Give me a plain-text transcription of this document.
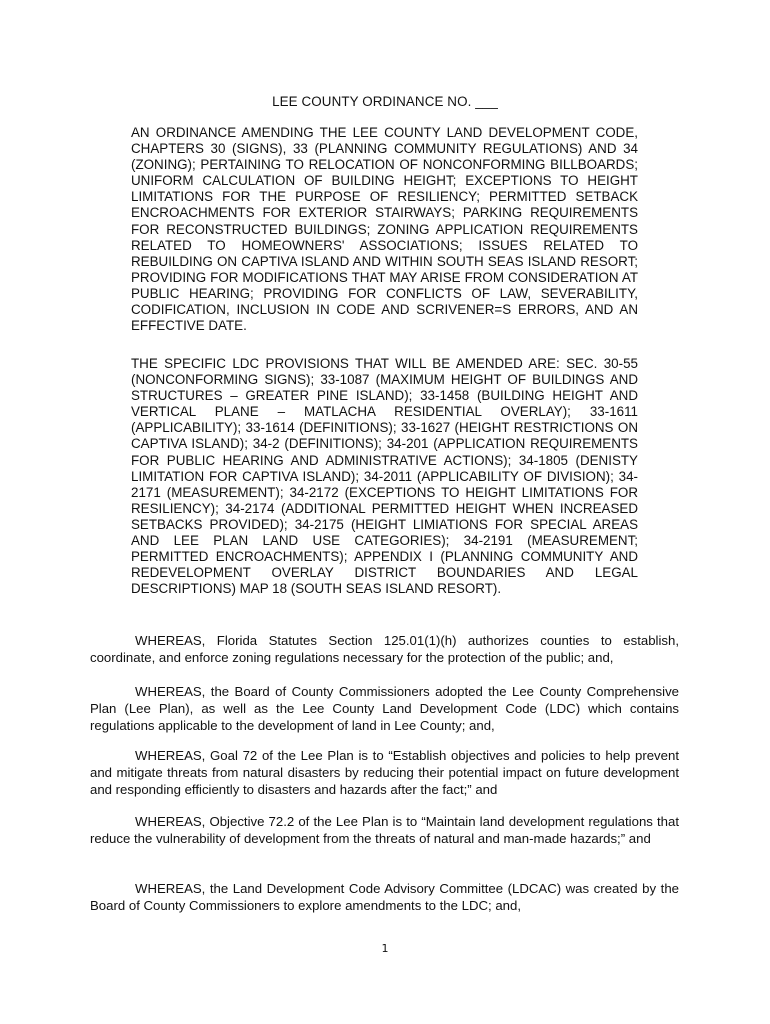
LEE COUNTY ORDINANCE NO. ___
AN ORDINANCE AMENDING THE LEE COUNTY LAND DEVELOPMENT CODE, CHAPTERS 30 (SIGNS), 33 (PLANNING COMMUNITY REGULATIONS) AND 34 (ZONING); PERTAINING TO RELOCATION OF NONCONFORMING BILLBOARDS; UNIFORM CALCULATION OF BUILDING HEIGHT; EXCEPTIONS TO HEIGHT LIMITATIONS FOR THE PURPOSE OF RESILIENCY; PERMITTED SETBACK ENCROACHMENTS FOR EXTERIOR STAIRWAYS; PARKING REQUIREMENTS FOR RECONSTRUCTED BUILDINGS; ZONING APPLICATION REQUIREMENTS RELATED TO HOMEOWNERS' ASSOCIATIONS; ISSUES RELATED TO REBUILDING ON CAPTIVA ISLAND AND WITHIN SOUTH SEAS ISLAND RESORT; PROVIDING FOR MODIFICATIONS THAT MAY ARISE FROM CONSIDERATION AT PUBLIC HEARING; PROVIDING FOR CONFLICTS OF LAW, SEVERABILITY, CODIFICATION, INCLUSION IN CODE AND SCRIVENER=S ERRORS, AND AN EFFECTIVE DATE.
THE SPECIFIC LDC PROVISIONS THAT WILL BE AMENDED ARE: SEC. 30-55 (NONCONFORMING SIGNS); 33-1087 (MAXIMUM HEIGHT OF BUILDINGS AND STRUCTURES – GREATER PINE ISLAND); 33-1458 (BUILDING HEIGHT AND VERTICAL PLANE – MATLACHA RESIDENTIAL OVERLAY); 33-1611 (APPLICABILITY); 33-1614 (DEFINITIONS); 33-1627 (HEIGHT RESTRICTIONS ON CAPTIVA ISLAND); 34-2 (DEFINITIONS); 34-201 (APPLICATION REQUIREMENTS FOR PUBLIC HEARING AND ADMINISTRATIVE ACTIONS); 34-1805 (DENISTY LIMITATION FOR CAPTIVA ISLAND); 34-2011 (APPLICABILITY OF DIVISION); 34-2171 (MEASUREMENT); 34-2172 (EXCEPTIONS TO HEIGHT LIMITATIONS FOR RESILIENCY); 34-2174 (ADDITIONAL PERMITTED HEIGHT WHEN INCREASED SETBACKS PROVIDED); 34-2175 (HEIGHT LIMIATIONS FOR SPECIAL AREAS AND LEE PLAN LAND USE CATEGORIES); 34-2191 (MEASUREMENT; PERMITTED ENCROACHMENTS); APPENDIX I (PLANNING COMMUNITY AND REDEVELOPMENT OVERLAY DISTRICT BOUNDARIES AND LEGAL DESCRIPTIONS) MAP 18 (SOUTH SEAS ISLAND RESORT).
WHEREAS, Florida Statutes Section 125.01(1)(h) authorizes counties to establish, coordinate, and enforce zoning regulations necessary for the protection of the public; and,
WHEREAS, the Board of County Commissioners adopted the Lee County Comprehensive Plan (Lee Plan), as well as the Lee County Land Development Code (LDC) which contains regulations applicable to the development of land in Lee County; and,
WHEREAS, Goal 72 of the Lee Plan is to “Establish objectives and policies to help prevent and mitigate threats from natural disasters by reducing their potential impact on future development and responding efficiently to disasters and hazards after the fact;” and
WHEREAS, Objective 72.2 of the Lee Plan is to “Maintain land development regulations that reduce the vulnerability of development from the threats of natural and man-made hazards;” and
WHEREAS, the Land Development Code Advisory Committee (LDCAC) was created by the Board of County Commissioners to explore amendments to the LDC; and,
1
